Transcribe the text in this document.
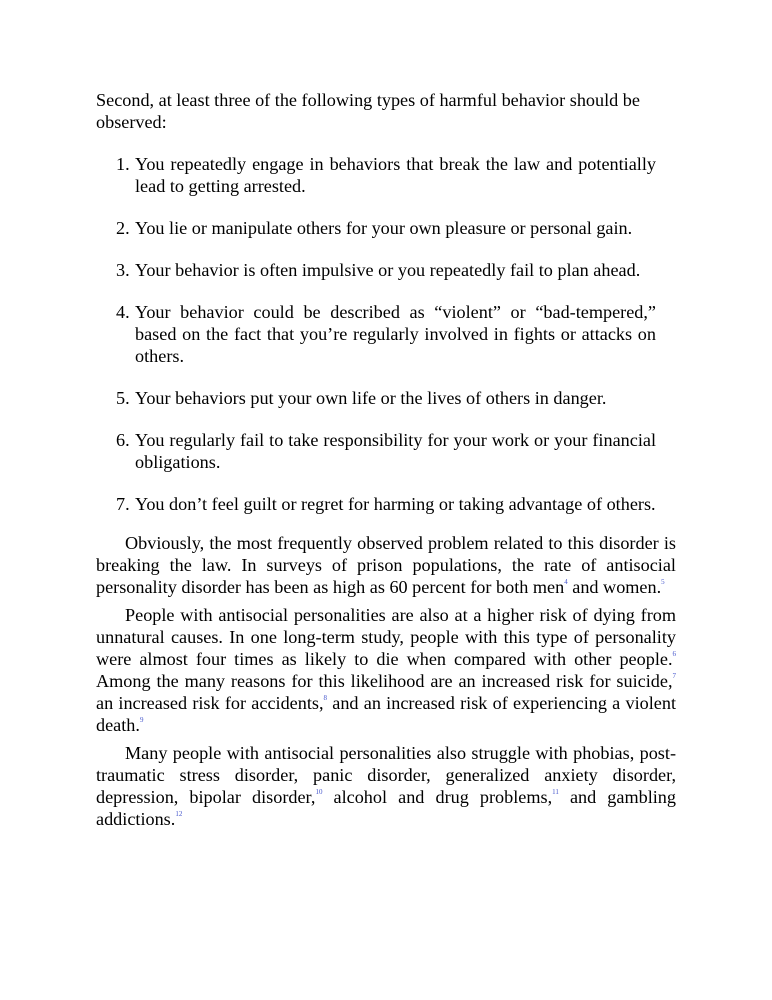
Second, at least three of the following types of harmful behavior should be observed:

1. You repeatedly engage in behaviors that break the law and potentially lead to getting arrested.
2. You lie or manipulate others for your own pleasure or personal gain.
3. Your behavior is often impulsive or you repeatedly fail to plan ahead.
4. Your behavior could be described as “violent” or “bad-tempered,” based on the fact that you’re regularly involved in fights or attacks on others.
5. Your behaviors put your own life or the lives of others in danger.
6. You regularly fail to take responsibility for your work or your financial obligations.
7. You don’t feel guilt or regret for harming or taking advantage of others.

Obviously, the most frequently observed problem related to this disorder is breaking the law. In surveys of prison populations, the rate of antisocial personality disorder has been as high as 60 percent for both men$^4$ and women.$^5$

People with antisocial personalities are also at a higher risk of dying from unnatural causes. In one long-term study, people with this type of personality were almost four times as likely to die when compared with other people.$^6$ Among the many reasons for this likelihood are an increased risk for suicide,$^7$ an increased risk for accidents,$^8$ and an increased risk of experiencing a violent death.$^9$

Many people with antisocial personalities also struggle with phobias, post-traumatic stress disorder, panic disorder, generalized anxiety disorder, depression, bipolar disorder,$^{10}$ alcohol and drug problems,$^{11}$ and gambling addictions.$^{12}$
